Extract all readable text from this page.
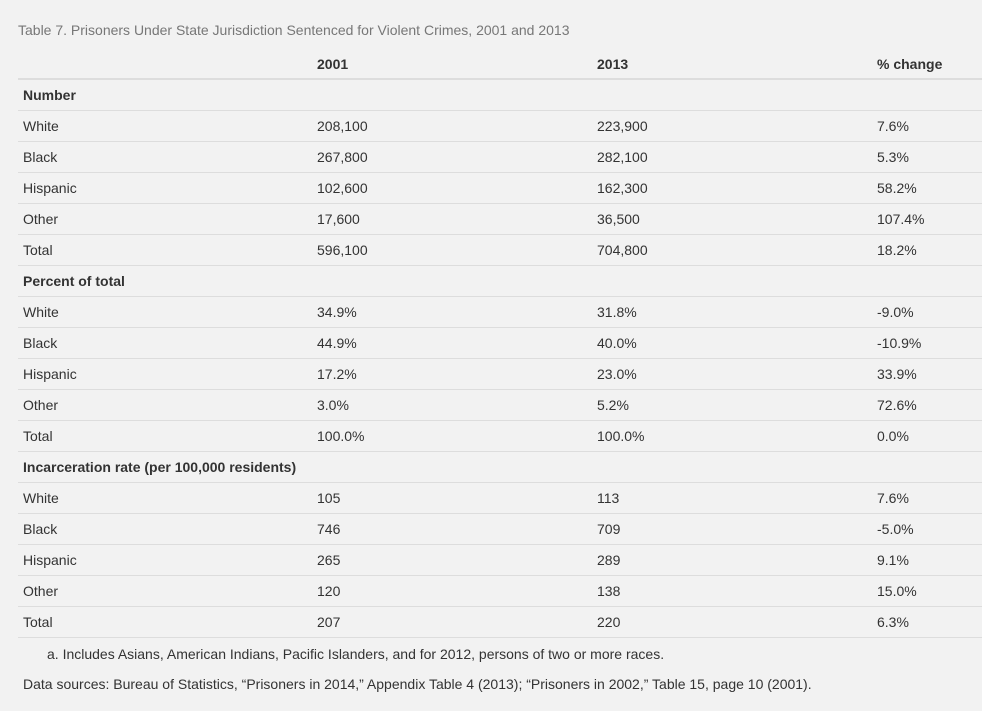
Table 7. Prisoners Under State Jurisdiction Sentenced for Violent Crimes, 2001 and 2013
	2001	2013	% change
Number			
White	208,100	223,900	7.6%
Black	267,800	282,100	5.3%
Hispanic	102,600	162,300	58.2%
Other	17,600	36,500	107.4%
Total	596,100	704,800	18.2%
Percent of total			
White	34.9%	31.8%	-9.0%
Black	44.9%	40.0%	-10.9%
Hispanic	17.2%	23.0%	33.9%
Other	3.0%	5.2%	72.6%
Total	100.0%	100.0%	0.0%
Incarceration rate (per 100,000 residents)			
White	105	113	7.6%
Black	746	709	-5.0%
Hispanic	265	289	9.1%
Other	120	138	15.0%
Total	207	220	6.3%
a. Includes Asians, American Indians, Pacific Islanders, and for 2012, persons of two or more races.
Data sources: Bureau of Statistics, “Prisoners in 2014,” Appendix Table 4 (2013); “Prisoners in 2002,” Table 15, page 10 (2001).
